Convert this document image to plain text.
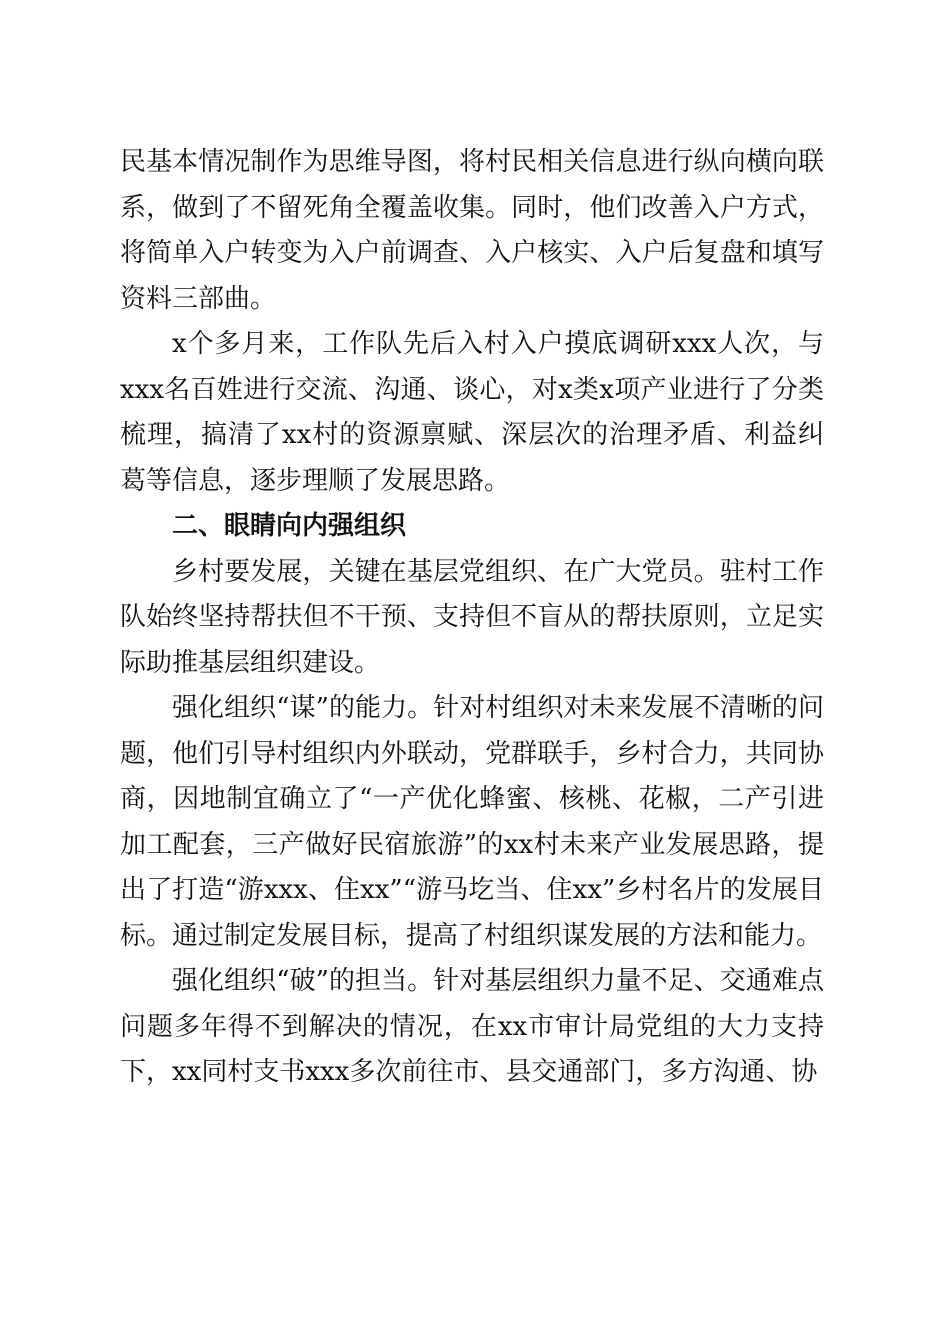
民基本情况制作为思维导图，将村民相关信息进行纵向横向联系，做到了不留死角全覆盖收集。同时，他们改善入户方式，将简单入户转变为入户前调查、入户核实、入户后复盘和填写资料三部曲。

x个多月来，工作队先后入村入户摸底调研xxx人次，与xxx名百姓进行交流、沟通、谈心，对x类x项产业进行了分类梳理，搞清了xx村的资源禀赋、深层次的治理矛盾、利益纠葛等信息，逐步理顺了发展思路。

二、眼睛向内强组织

乡村要发展，关键在基层党组织、在广大党员。驻村工作队始终坚持帮扶但不干预、支持但不盲从的帮扶原则，立足实际助推基层组织建设。

强化组织“谋”的能力。针对村组织对未来发展不清晰的问题，他们引导村组织内外联动，党群联手，乡村合力，共同协商，因地制宜确立了“一产优化蜂蜜、核桃、花椒，二产引进加工配套，三产做好民宿旅游”的xx村未来产业发展思路，提出了打造“游xxx、住xx”“游马圪当、住xx”乡村名片的发展目标。通过制定发展目标，提高了村组织谋发展的方法和能力。

强化组织“破”的担当。针对基层组织力量不足、交通难点问题多年得不到解决的情况，在xx市审计局党组的大力支持下，xx同村支书xxx多次前往市、县交通部门，多方沟通、协
